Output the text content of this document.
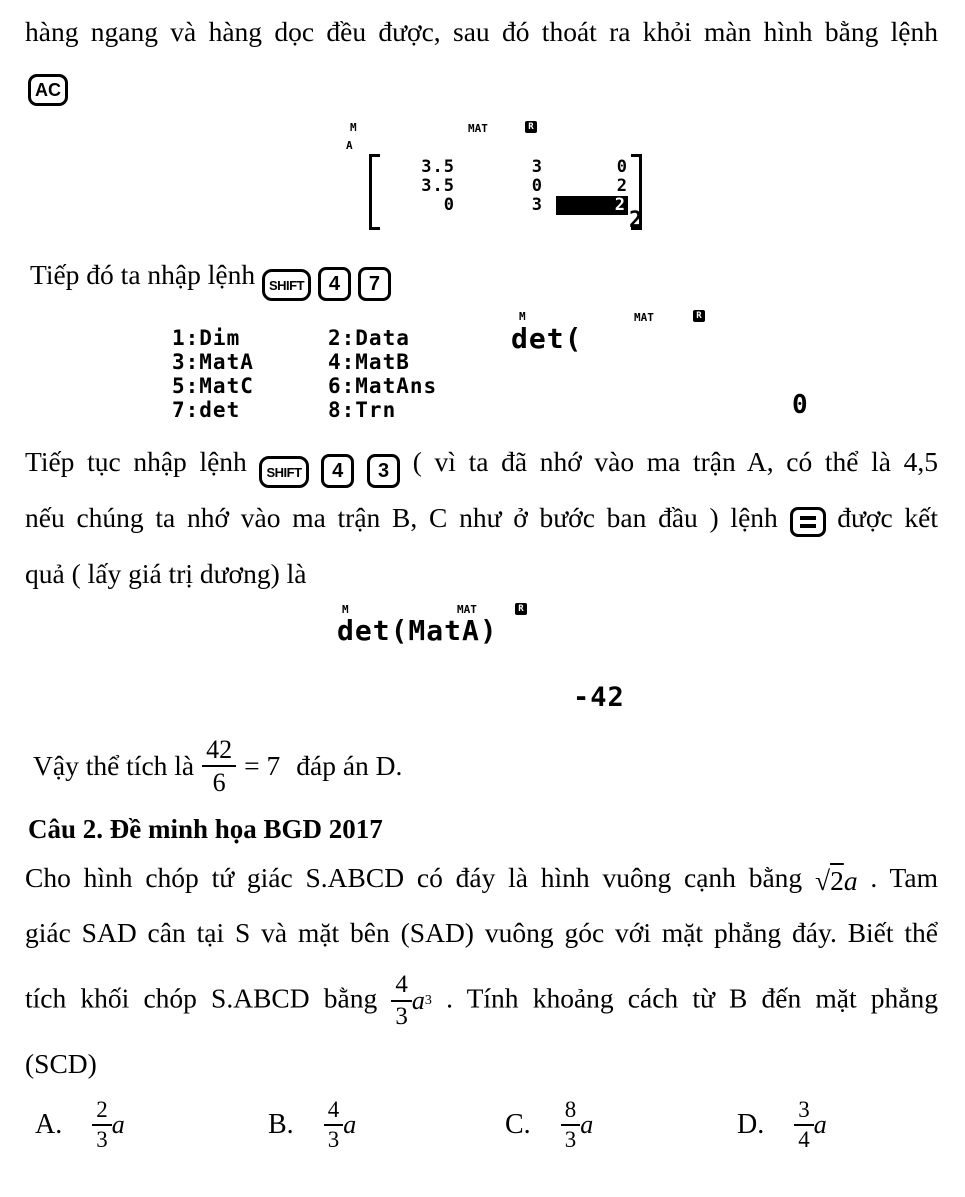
hàng ngang và hàng dọc đều được, sau đó thoát ra khỏi màn hình bằng lệnh
AC
M
A
MAT	R
3.5	3	0
3.5	0	2
0	3	2
2
Tiếp đó ta nhập lệnh SHIFT 4 7
1:Dim	2:Data
3:MatA	4:MatB
5:MatC	6:MatAns
7:det	8:Trn
M	MAT	R
det(
0
Tiếp tục nhập lệnh SHIFT 4 3 ( vì ta đã nhớ vào ma trận A, có thể là 4,5
nếu chúng ta nhớ vào ma trận B, C như ở bước ban đầu ) lệnh được kết
quả ( lấy giá trị dương) là
M	MAT	R
det(MatA)
-42
Vậy thể tích là $\frac{42}{6} = 7$ đáp án D.
Câu 2. Đề minh họa BGD 2017
Cho hình chóp tứ giác S.ABCD có đáy là hình vuông cạnh bằng √ 2 a . Tam
giác SAD cân tại S và mặt bên (SAD) vuông góc với mặt phẳng đáy. Biết thể
tích khối chóp S.ABCD bằng $\frac{4}{3}$ a 3 . Tính khoảng cách từ B đến mặt phẳng
(SCD)
A. $\frac{2}{3}$ a	B. $\frac{4}{3}$ a	C. $\frac{8}{3}$ a	D. $\frac{3}{4}$ a
